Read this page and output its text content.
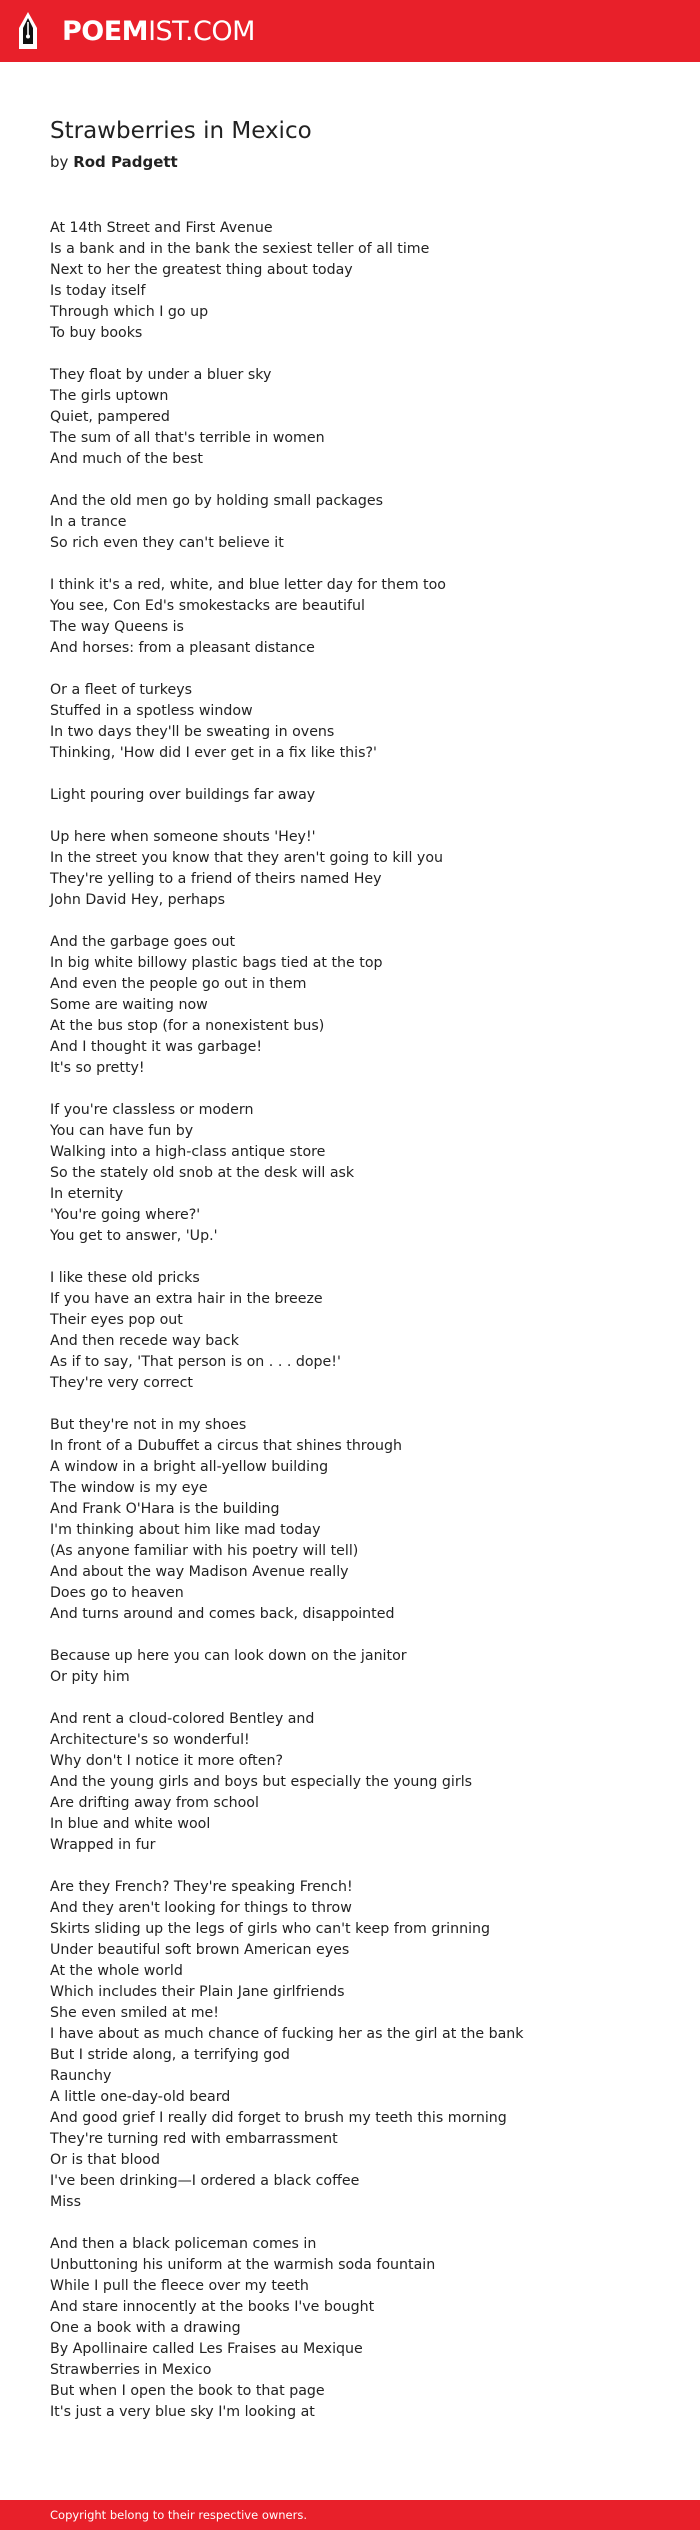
POEMIST.COM
Strawberries in Mexico

by Rod Padgett

At 14th Street and First Avenue
Is a bank and in the bank the sexiest teller of all time
Next to her the greatest thing about today
Is today itself
Through which I go up
To buy books
They float by under a bluer sky
The girls uptown
Quiet, pampered
The sum of all that's terrible in women
And much of the best
And the old men go by holding small packages
In a trance
So rich even they can't believe it
I think it's a red, white, and blue letter day for them too
You see, Con Ed's smokestacks are beautiful
The way Queens is
And horses: from a pleasant distance
Or a fleet of turkeys
Stuffed in a spotless window
In two days they'll be sweating in ovens
Thinking, 'How did I ever get in a fix like this?'
Light pouring over buildings far away
Up here when someone shouts 'Hey!'
In the street you know that they aren't going to kill you
They're yelling to a friend of theirs named Hey
John David Hey, perhaps
And the garbage goes out
In big white billowy plastic bags tied at the top
And even the people go out in them
Some are waiting now
At the bus stop (for a nonexistent bus)
And I thought it was garbage!
It's so pretty!
If you're classless or modern
You can have fun by
Walking into a high-class antique store
So the stately old snob at the desk will ask
In eternity
'You're going where?'
You get to answer, 'Up.'
I like these old pricks
If you have an extra hair in the breeze
Their eyes pop out
And then recede way back
As if to say, 'That person is on . . . dope!'
They're very correct
But they're not in my shoes
In front of a Dubuffet a circus that shines through
A window in a bright all-yellow building
The window is my eye
And Frank O'Hara is the building
I'm thinking about him like mad today
(As anyone familiar with his poetry will tell)
And about the way Madison Avenue really
Does go to heaven
And turns around and comes back, disappointed
Because up here you can look down on the janitor
Or pity him
And rent a cloud-colored Bentley and
Architecture's so wonderful!
Why don't I notice it more often?
And the young girls and boys but especially the young girls
Are drifting away from school
In blue and white wool
Wrapped in fur
Are they French? They're speaking French!
And they aren't looking for things to throw
Skirts sliding up the legs of girls who can't keep from grinning
Under beautiful soft brown American eyes
At the whole world
Which includes their Plain Jane girlfriends
She even smiled at me!
I have about as much chance of fucking her as the girl at the bank
But I stride along, a terrifying god
Raunchy
A little one-day-old beard
And good grief I really did forget to brush my teeth this morning
They're turning red with embarrassment
Or is that blood
I've been drinking—I ordered a black coffee
Miss
And then a black policeman comes in
Unbuttoning his uniform at the warmish soda fountain
While I pull the fleece over my teeth
And stare innocently at the books I've bought
One a book with a drawing
By Apollinaire called Les Fraises au Mexique
Strawberries in Mexico
But when I open the book to that page
It's just a very blue sky I'm looking at
Copyright belong to their respective owners.
